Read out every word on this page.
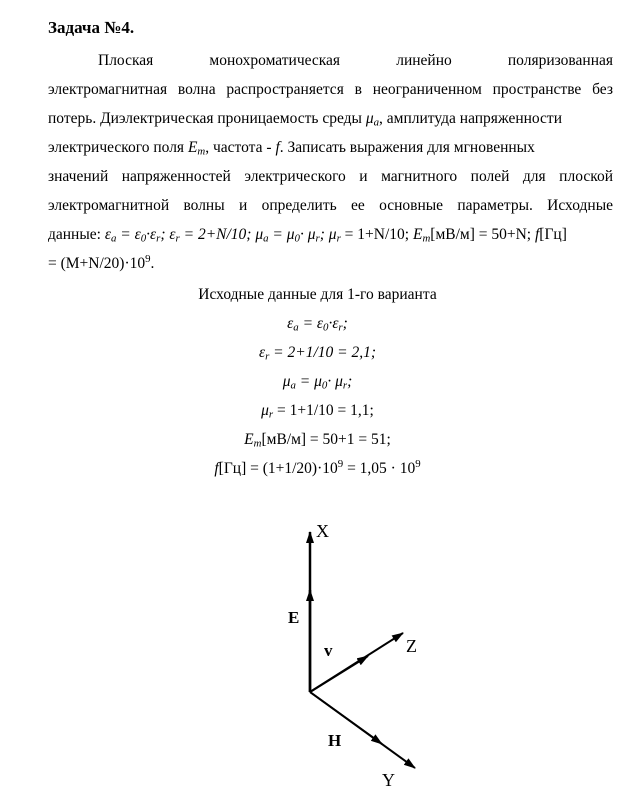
Задача №4.
Плоская	монохроматическая	линейно	поляризованная
электромагнитная волна распространяется в неограниченном пространстве без
потерь. Диэлектрическая проницаемость среды $\mu_a$, амплитуда напряженности
электрического поля $E_m$, частота - f. Записать выражения для мгновенных
значений напряженностей электрического и магнитного полей для плоской
электромагнитной волны и определить ее основные параметры. Исходные
данные: $\varepsilon_a = \varepsilon_0\cdot\varepsilon_r$; $\varepsilon_r = 2+N/10$; $\mu_a = \mu_0\cdot \mu_r$; $\mu_r = 1+N/10$; $E_m[мВ/м] = 50+N$; f[Гц]
= $(M+N/20)\cdot 10^9$.
Исходные данные для 1-го варианта
$\varepsilon_a = \varepsilon_0\cdot\varepsilon_r$;
$\varepsilon_r = 2+1/10 = 2,1$;
$\mu_a = \mu_0\cdot \mu_r$;
$\mu_r = 1+1/10 = 1,1$;
$E_m[мВ/м] = 50+1 = 51$;
$f[Гц] = (1+1/20)\cdot 10^9 = 1,05 \cdot 10^9$
X
E
v	Z
H
Y
